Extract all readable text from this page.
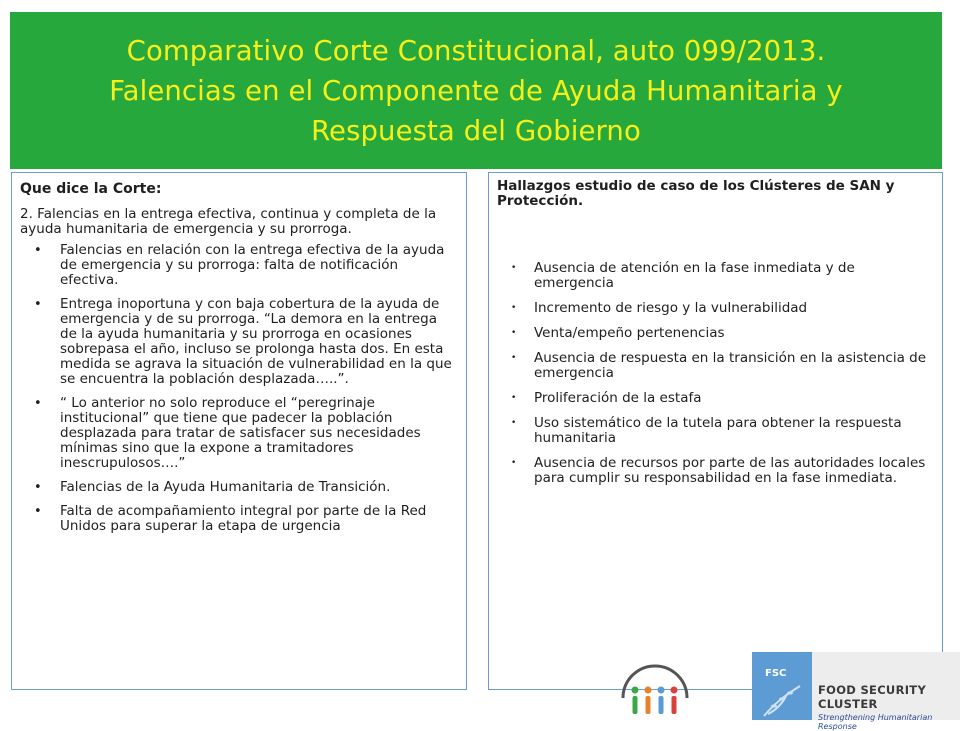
Comparativo Corte Constitucional, auto 099/2013.
Falencias en el Componente de Ayuda Humanitaria y
Respuesta del Gobierno
Que dice la Corte:

2. Falencias en la entrega efectiva, continua y completa de la ayuda humanitaria de emergencia y su prorroga.

• Falencias en relación con la entrega efectiva de la ayuda de emergencia y su prorroga: falta de notificación efectiva.
• Entrega inoportuna y con baja cobertura de la ayuda de emergencia y de su prorroga. “La demora en la entrega de la ayuda humanitaria y su prorroga en ocasiones sobrepasa el año, incluso se prolonga hasta dos. En esta medida se agrava la situación de vulnerabilidad en la que se encuentra la población desplazada…..”.
• “ Lo anterior no solo reproduce el “peregrinaje institucional” que tiene que padecer la población desplazada para tratar de satisfacer sus necesidades mínimas sino que la expone a tramitadores inescrupulosos….”
• Falencias de la Ayuda Humanitaria de Transición.
• Falta de acompañamiento integral por parte de la Red Unidos para superar la etapa de urgencia
Hallazgos estudio de caso de los Clústeres de SAN y Protección.
• Ausencia de atención en la fase inmediata y de emergencia
• Incremento de riesgo y la vulnerabilidad
• Venta/empeño pertenencias
• Ausencia de respuesta en la transición en la asistencia de emergencia
• Proliferación de la estafa
• Uso sistemático de la tutela para obtener la respuesta humanitaria
• Ausencia de recursos por parte de las autoridades locales para cumplir su responsabilidad en la fase inmediata.
FSC
FOOD SECURITY CLUSTER
Strengthening Humanitarian Response
